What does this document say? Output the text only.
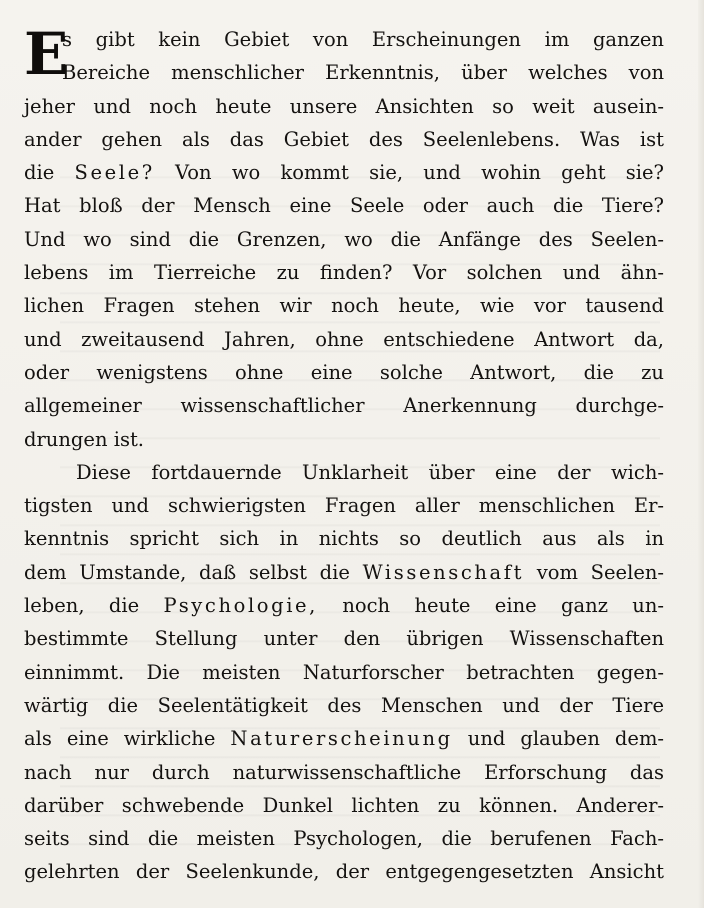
E
s gibt kein Gebiet von Erscheinungen im ganzen
Bereiche menschlicher Erkenntnis, über welches von
jeher und noch heute unsere Ansichten so weit ausein-
ander gehen als das Gebiet des Seelenlebens. Was ist
die Seele? Von wo kommt sie, und wohin geht sie?
Hat bloß der Mensch eine Seele oder auch die Tiere?
Und wo sind die Grenzen, wo die Anfänge des Seelen-
lebens im Tierreiche zu finden? Vor solchen und ähn-
lichen Fragen stehen wir noch heute, wie vor tausend
und zweitausend Jahren, ohne entschiedene Antwort da,
oder wenigstens ohne eine solche Antwort, die zu
allgemeiner wissenschaftlicher Anerkennung durchge-
drungen ist.
Diese fortdauernde Unklarheit über eine der wich-
tigsten und schwierigsten Fragen aller menschlichen Er-
kenntnis spricht sich in nichts so deutlich aus als in
dem Umstande, daß selbst die Wissenschaft vom Seelen-
leben, die Psychologie, noch heute eine ganz un-
bestimmte Stellung unter den übrigen Wissenschaften
einnimmt. Die meisten Naturforscher betrachten gegen-
wärtig die Seelentätigkeit des Menschen und der Tiere
als eine wirkliche Naturerscheinung und glauben dem-
nach nur durch naturwissenschaftliche Erforschung das
darüber schwebende Dunkel lichten zu können. Anderer-
seits sind die meisten Psychologen, die berufenen Fach-
gelehrten der Seelenkunde, der entgegengesetzten Ansicht
